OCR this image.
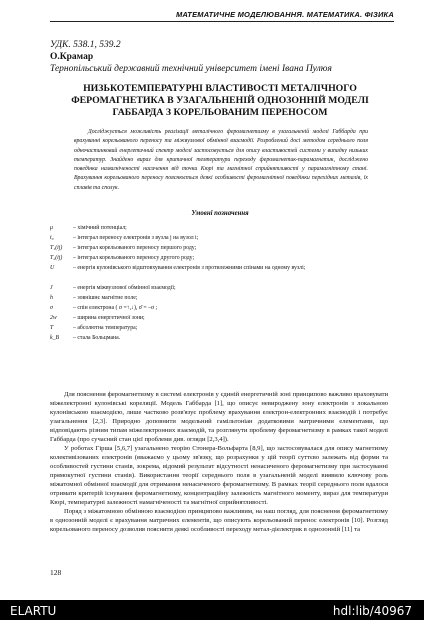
МАТЕМАТИЧНЕ МОДЕЛЮВАННЯ. МАТЕМАТИКА. ФІЗИКА
УДК. 538.1, 539.2
О.Крамар
Тернопільський державний технічний університет імені Івана Пулюя
НИЗЬКОТЕМПЕРАТУРНІ ВЛАСТИВОСТІ МЕТАЛІЧНОГО
ФЕРОМАГНЕТИКА В УЗАГАЛЬНЕНІЙ ОДНОЗОННІЙ МОДЕЛІ
ГАББАРДА З КОРЕЛЬОВАНИМ ПЕРЕНОСОМ
Досліджується можливість реалізації металічного феромагнетизму в узагальненій моделі Габбарда при врахуванні корельованого переносу та міжвузлової обмінної взаємодії. Розроблений досі методом середнього поля одночастинковий енергетичний спектр моделі застосовується для опису властивостей системи у випадку низьких температур. Знайдено вираз для критичної температури переходу феромагнетик-парамагнетик, досліджено поведінка намагніченості насичення від точки Кюрі та магнітної сприйнятливості у парамагнітному стані. Врахування корельованого переносу пояснюється деякі особливості феромагнітної поведінки перехідних металів, їх сплавів та сполук.
Умовні позначення
μ	– хімічний потенціал;
t₀	– інтеграл переносу електронів з вузла j на вузол і;
T₁(ij)	– інтеграл корельованого переносу першого роду;
T₂(ij)	– інтеграл корельованого переносу другого роду;
U	– енергія кулонівського відштовхування електронів з протилежними спінами на одному вузлі;
J	– енергія міжвузлової обмінної взаємодії;
h	– зовнішнє магнітне поле;
σ	– спін електрона ( σ =↑,↓), σ̄ = –σ ;
2w	– ширина енергетичної зони;
T	– абсолютна температура;
k_B	– стала Больцмана.

Для пояснення феромагнетизму в системі електронів у єдиній енергетичній зоні принципово важливо враховувати міжелектронні кулонівські кореляції. Модель Габбарда [1], що описує невироджену зону електронів з локальною кулонівською взаємодією, лише частково розв'язує проблему врахування електрон-електронних взаємодій і потребує узагальнення [2,3]. Природно доповнити модельний гамільтоніан додатковими матричними елементами, що відповідають різним типам міжелектронних взаємодій, та розглянути проблему феромагнетизму в рамках такої моделі Габбарда (про сучасний стан цієї проблеми див. огляди [2,3,4]).

У роботах Гірша [5,6,7] узагальнено теорію Стонера-Вольфарта [8,9], що застосовувалася для опису магнетизму колективізованих електронів (вважаємо у цьому зв'язку, що розрахунки у цій теорії суттєво залежать від форми та особливостей густини станів, зокрема, відомий результат відсутності ненасиченого феромагнетизму при застосуванні прямокутної густини станів). Використання теорії середнього поля в узагальненій моделі виявило ключову роль міжатомної обмінної взаємодії для отримання ненасиченого феромагнетизму. В рамках теорії середнього поля вдалося отримати критерій існування феромагнетизму, концентраційну залежність магнітного моменту, вираз для температури Кюрі, температурні залежності намагніченості та магнітної сприйнятливості.

Поряд з міжатомною обмінною взаємодією принципово важливим, на наш погляд, для пояснення феромагнетизму в однозонній моделі є врахування матричних елементів, що описують корельований перенос електронів [10]. Розгляд корельованого переносу дозволив пояснити деякі особливості переходу метал-діелектрик в однозонній [11] та

128
ELARTU	hdl:lib/40967
